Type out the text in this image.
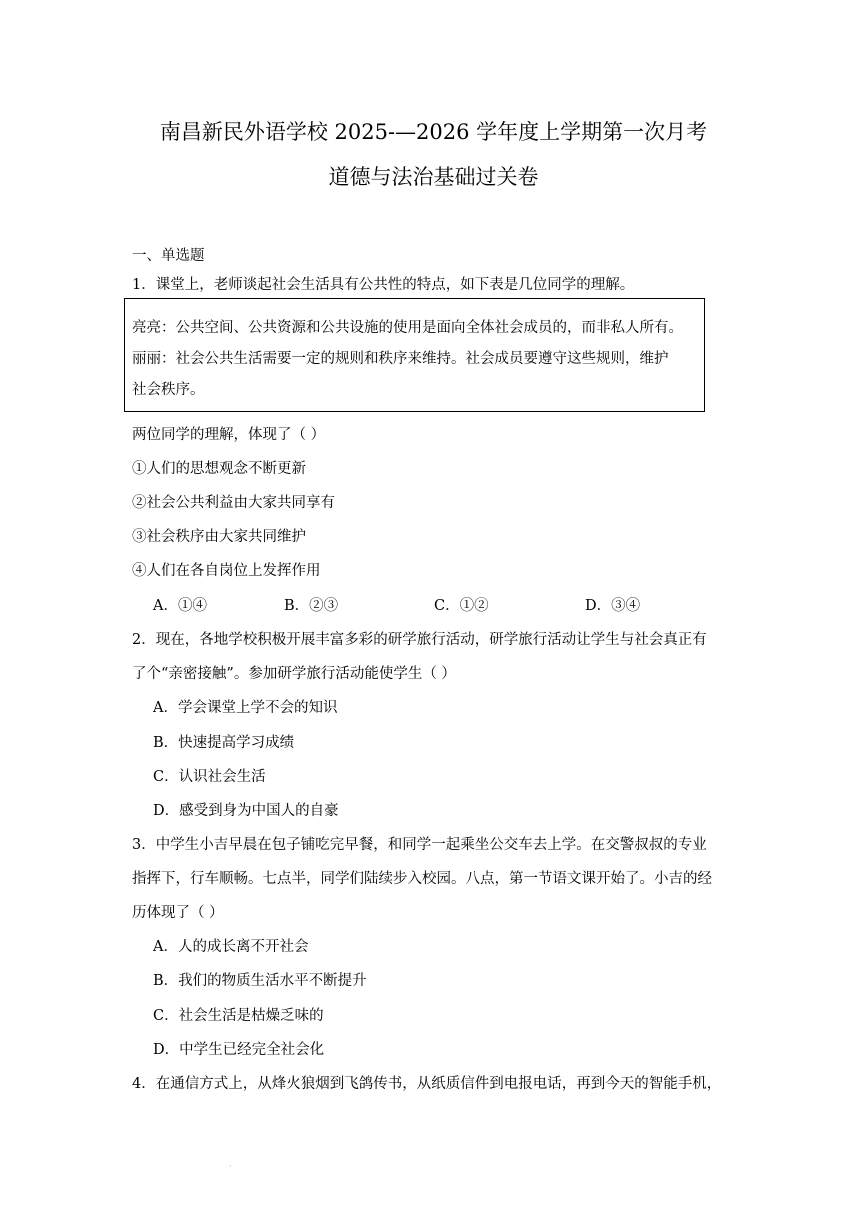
南昌新民外语学校 2025-—2026 学年度上学期第一次月考
道德与法治基础过关卷
一、单选题
1．课堂上，老师谈起社会生活具有公共性的特点，如下表是几位同学的理解。
亮亮：公共空间、公共资源和公共设施的使用是面向全体社会成员的，而非私人所有。
丽丽：社会公共生活需要一定的规则和秩序来维持。社会成员要遵守这些规则，维护
社会秩序。
两位同学的理解，体现了（ ）
①人们的思想观念不断更新
②社会公共利益由大家共同享有
③社会秩序由大家共同维护
④人们在各自岗位上发挥作用
A．①④	B．②③	C．①②	D．③④
2．现在，各地学校积极开展丰富多彩的研学旅行活动，研学旅行活动让学生与社会真正有
了个“亲密接触”。参加研学旅行活动能使学生（ ）
A．学会课堂上学不会的知识
B．快速提高学习成绩
C．认识社会生活
D．感受到身为中国人的自豪
3．中学生小吉早晨在包子铺吃完早餐，和同学一起乘坐公交车去上学。在交警叔叔的专业
指挥下，行车顺畅。七点半，同学们陆续步入校园。八点，第一节语文课开始了。小吉的经
历体现了（ ）
A．人的成长离不开社会
B．我们的物质生活水平不断提升
C．社会生活是枯燥乏味的
D．中学生已经完全社会化
4．在通信方式上，从烽火狼烟到飞鸽传书，从纸质信件到电报电话，再到今天的智能手机，
·
